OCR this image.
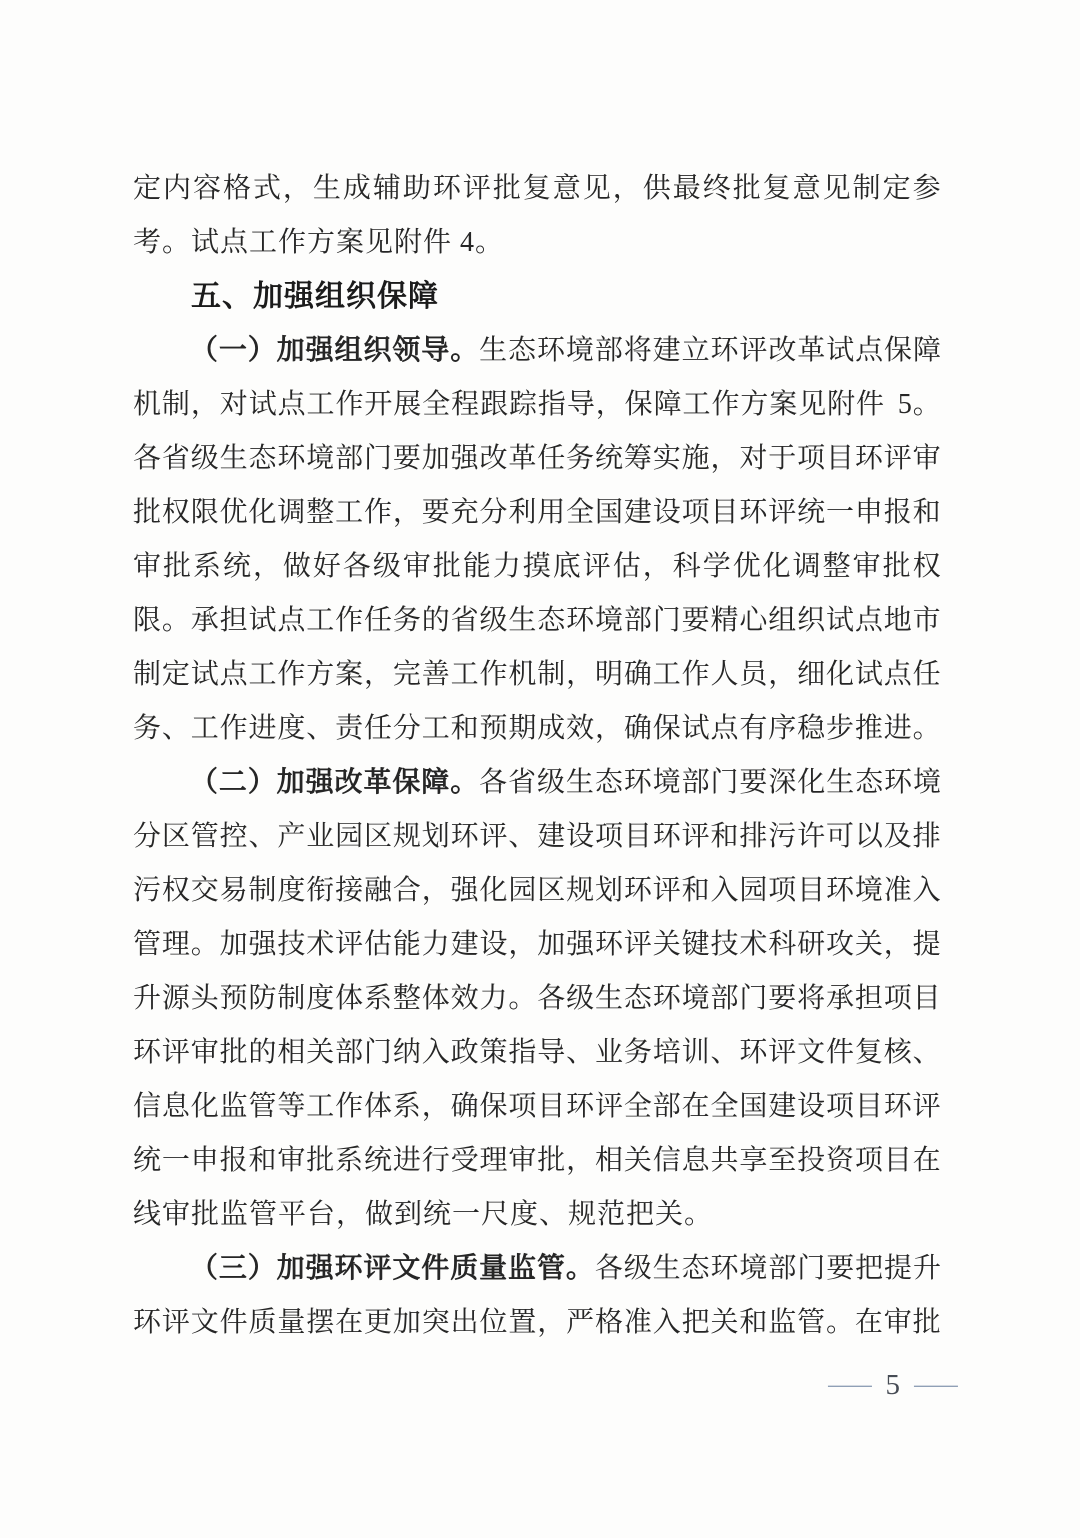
定 内 容 格 式 ， 生 成 辅 助 环 评 批 复 意 见 ， 供 最 终 批 复 意 见 制 定 参
考。试点工作方案见附件 4。
五、加强组织保障
（ 一 ） 加 强 组 织 领 导 。 生 态 环 境 部 将 建 立 环 评 改 革 试 点 保 障
机 制 ， 对 试 点 工 作 开 展 全 程 跟 踪 指 导 ， 保 障 工 作 方 案 见 附 件 5 。
各 省 级 生 态 环 境 部 门 要 加 强 改 革 任 务 统 筹 实 施 ， 对 于 项 目 环 评 审
批 权 限 优 化 调 整 工 作 ， 要 充 分 利 用 全 国 建 设 项 目 环 评 统 一 申 报 和
审 批 系 统 ， 做 好 各 级 审 批 能 力 摸 底 评 估 ， 科 学 优 化 调 整 审 批 权
限 。 承 担 试 点 工 作 任 务 的 省 级 生 态 环 境 部 门 要 精 心 组 织 试 点 地 市
制 定 试 点 工 作 方 案 ， 完 善 工 作 机 制 ， 明 确 工 作 人 员 ， 细 化 试 点 任
务 、 工 作 进 度 、 责 任 分 工 和 预 期 成 效 ， 确 保 试 点 有 序 稳 步 推 进 。
（ 二 ） 加 强 改 革 保 障 。 各 省 级 生 态 环 境 部 门 要 深 化 生 态 环 境
分 区 管 控 、 产 业 园 区 规 划 环 评 、 建 设 项 目 环 评 和 排 污 许 可 以 及 排
污 权 交 易 制 度 衔 接 融 合 ， 强 化 园 区 规 划 环 评 和 入 园 项 目 环 境 准 入
管 理 。 加 强 技 术 评 估 能 力 建 设 ， 加 强 环 评 关 键 技 术 科 研 攻 关 ， 提
升 源 头 预 防 制 度 体 系 整 体 效 力 。 各 级 生 态 环 境 部 门 要 将 承 担 项 目
环 评 审 批 的 相 关 部 门 纳 入 政 策 指 导 、 业 务 培 训 、 环 评 文 件 复 核 、
信 息 化 监 管 等 工 作 体 系 ， 确 保 项 目 环 评 全 部 在 全 国 建 设 项 目 环 评
统 一 申 报 和 审 批 系 统 进 行 受 理 审 批 ， 相 关 信 息 共 享 至 投 资 项 目 在
线审批监管平台，做到统一尺度、规范把关。
（ 三 ） 加 强 环 评 文 件 质 量 监 管 。 各 级 生 态 环 境 部 门 要 把 提 升
环 评 文 件 质 量 摆 在 更 加 突 出 位 置 ， 严 格 准 入 把 关 和 监 管 。 在 审 批
— 5 —
